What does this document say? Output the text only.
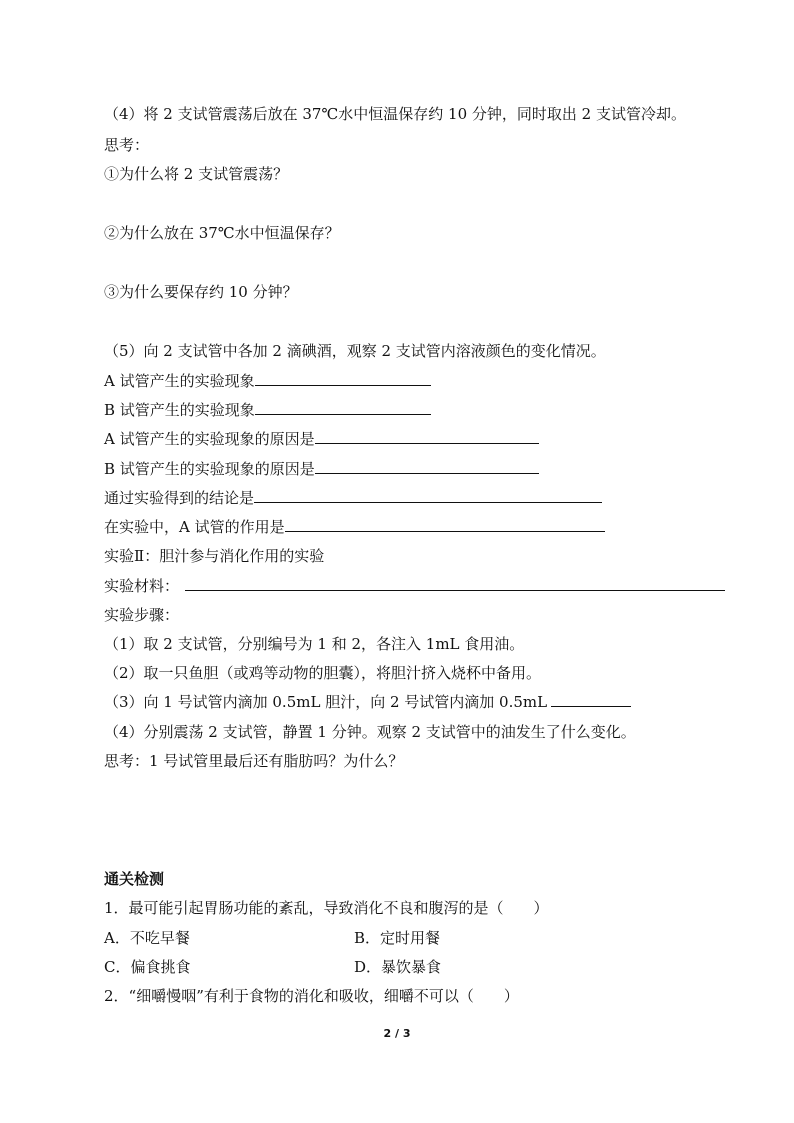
（4）将 2 支试管震荡后放在 37℃水中恒温保存约 10 分钟，同时取出 2 支试管冷却。
思考：
①为什么将 2 支试管震荡？
②为什么放在 37℃水中恒温保存？
③为什么要保存约 10 分钟？
（5）向 2 支试管中各加 2 滴碘酒，观察 2 支试管内溶液颜色的变化情况。
A 试管产生的实验现象
B 试管产生的实验现象
A 试管产生的实验现象的原因是
B 试管产生的实验现象的原因是
通过实验得到的结论是
在实验中，A 试管的作用是
实验Ⅱ：胆汁参与消化作用的实验
实验材料：
实验步骤：
（1）取 2 支试管，分别编号为 1 和 2，各注入 1mL 食用油。
（2）取一只鱼胆（或鸡等动物的胆囊），将胆汁挤入烧杯中备用。
（3）向 1 号试管内滴加 0.5mL 胆汁，向 2 号试管内滴加 0.5mL
（4）分别震荡 2 支试管，静置 1 分钟。观察 2 支试管中的油发生了什么变化。
思考：1 号试管里最后还有脂肪吗？为什么？
通关检测
1．最可能引起胃肠功能的紊乱，导致消化不良和腹泻的是（　　）
A．不吃早餐	B．定时用餐
C．偏食挑食	D．暴饮暴食
2．“细嚼慢咽”有利于食物的消化和吸收，细嚼不可以（　　）
2 / 3
